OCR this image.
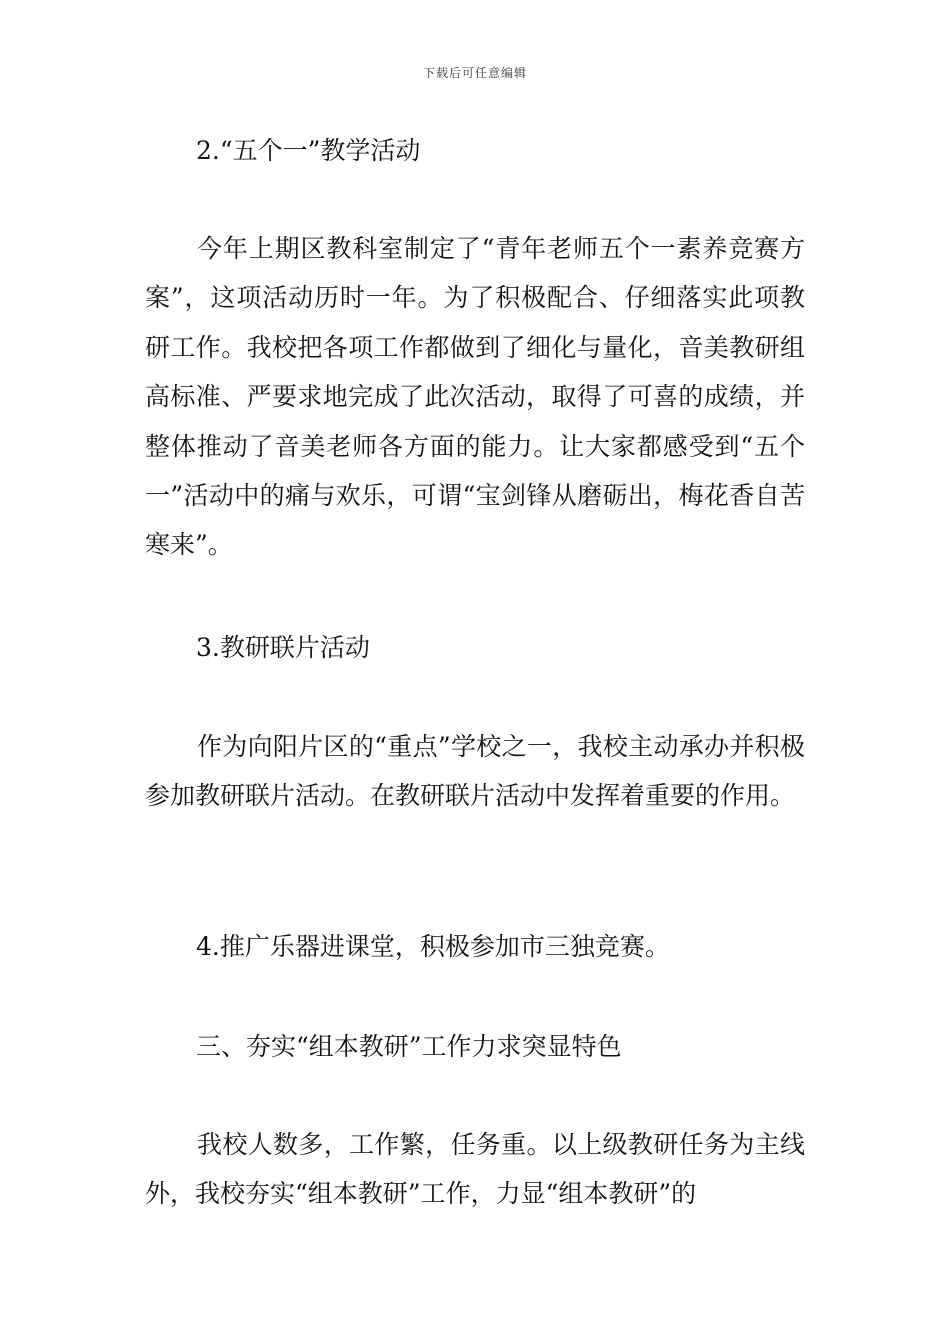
下载后可任意编辑
2.“五个一”教学活动
今年上期区教科室制定了“青年老师五个一素养竞赛方案”，这项活动历时一年。为了积极配合、仔细落实此项教研工作。我校把各项工作都做到了细化与量化，音美教研组高标准、严要求地完成了此次活动，取得了可喜的成绩，并整体推动了音美老师各方面的能力。让大家都感受到“五个一”活动中的痛与欢乐，可谓“宝剑锋从磨砺出，梅花香自苦寒来”。
3.教研联片活动
作为向阳片区的“重点”学校之一，我校主动承办并积极参加教研联片活动。在教研联片活动中发挥着重要的作用。
4.推广乐器进课堂，积极参加市三独竞赛。
三、夯实“组本教研”工作力求突显特色
我校人数多，工作繁，任务重。以上级教研任务为主线外，我校夯实“组本教研”工作，力显“组本教研”的
